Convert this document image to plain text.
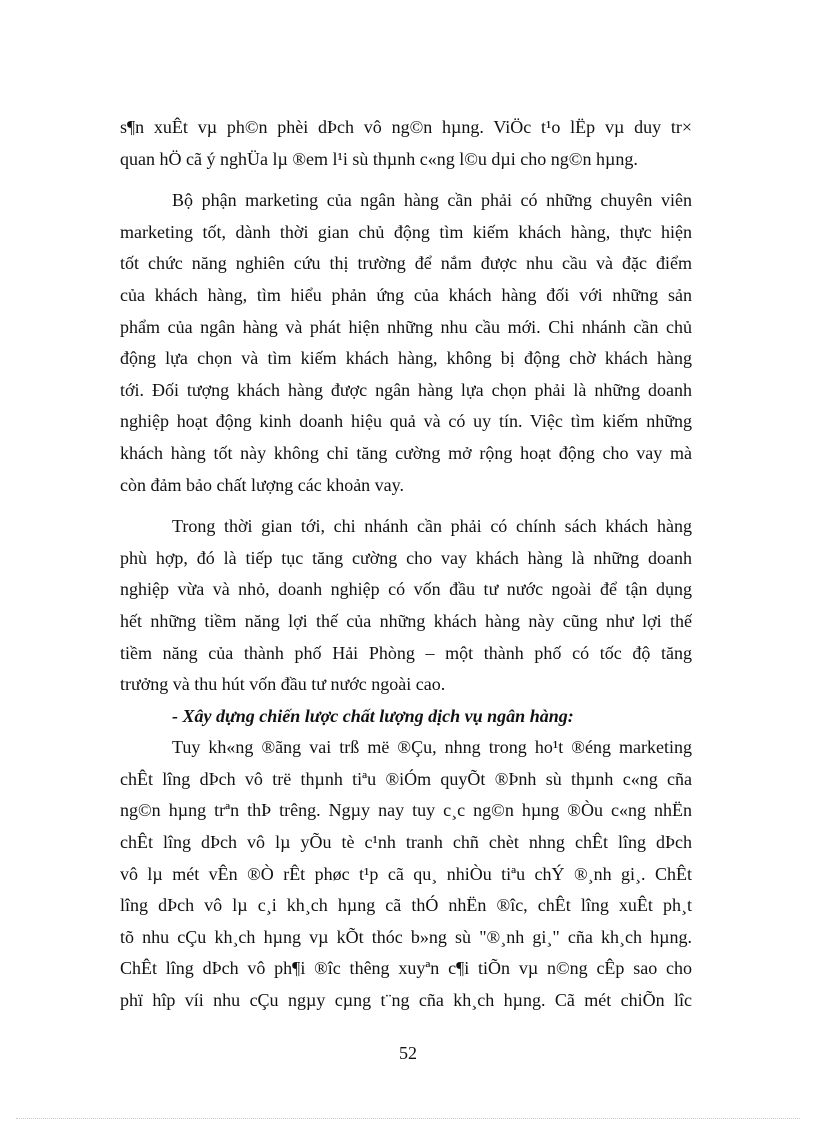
s¶n xuÊt vµ ph©n phèi dÞch vô ng©n hµng. ViÖc t¹o lËp vµ duy tr×
quan hÖ cã ý nghÜa lµ ®em l¹i sù thµnh c«ng l©u dµi cho ng©n hµng.
Bộ phận marketing của ngân hàng cần phải có những chuyên viên
marketing tốt, dành thời gian chủ động tìm kiếm khách hàng, thực hiện
tốt chức năng nghiên cứu thị trường để nắm được nhu cầu và đặc điểm
của khách hàng, tìm hiểu phản ứng của khách hàng đối với những sản
phẩm của ngân hàng và phát hiện những nhu cầu mới. Chi nhánh cần chủ
động lựa chọn và tìm kiếm khách hàng, không bị động chờ khách hàng
tới. Đối tượng khách hàng được ngân hàng lựa chọn phải là những doanh
nghiệp hoạt động kinh doanh hiệu quả và có uy tín. Việc tìm kiếm những
khách hàng tốt này không chỉ tăng cường mở rộng hoạt động cho vay mà
còn đảm bảo chất lượng các khoản vay.
Trong thời gian tới, chi nhánh cần phải có chính sách khách hàng
phù hợp, đó là tiếp tục tăng cường cho vay khách hàng là những doanh
nghiệp vừa và nhỏ, doanh nghiệp có vốn đầu tư nước ngoài để tận dụng
hết những tiềm năng lợi thế của những khách hàng này cũng như lợi thế
tiềm năng của thành phố Hải Phòng – một thành phố có tốc độ tăng
trưởng và thu hút vốn đầu tư nước ngoài cao.
- Xây dựng chiến lược chất lượng dịch vụ ngân hàng:
Tuy kh«ng ®ãng vai trß më ®Çu, nhng trong ho¹t ®éng marketing
chÊt lîng dÞch vô trë thµnh tiªu ®iÓm quyÕt ®Þnh sù thµnh c«ng cña
ng©n hµng trªn thÞ trêng. Ngµy nay tuy c¸c ng©n hµng ®Òu c«ng nhËn
chÊt lîng dÞch vô lµ yÕu tè c¹nh tranh chñ chèt nhng chÊt lîng dÞch
vô lµ mét vÊn ®Ò rÊt phøc t¹p cã qu¸ nhiÒu tiªu chÝ ®¸nh gi¸. ChÊt
lîng dÞch vô lµ c¸i kh¸ch hµng cã thÓ nhËn ®îc, chÊt lîng xuÊt ph¸t
tõ nhu cÇu kh¸ch hµng vµ kÕt thóc b»ng sù "®¸nh gi¸" cña kh¸ch hµng.
ChÊt lîng dÞch vô ph¶i ®îc thêng xuyªn c¶i tiÕn vµ n©ng cÊp sao cho
phï hîp víi nhu cÇu ngµy cµng t¨ng cña kh¸ch hµng. Cã mét chiÕn lîc
52
